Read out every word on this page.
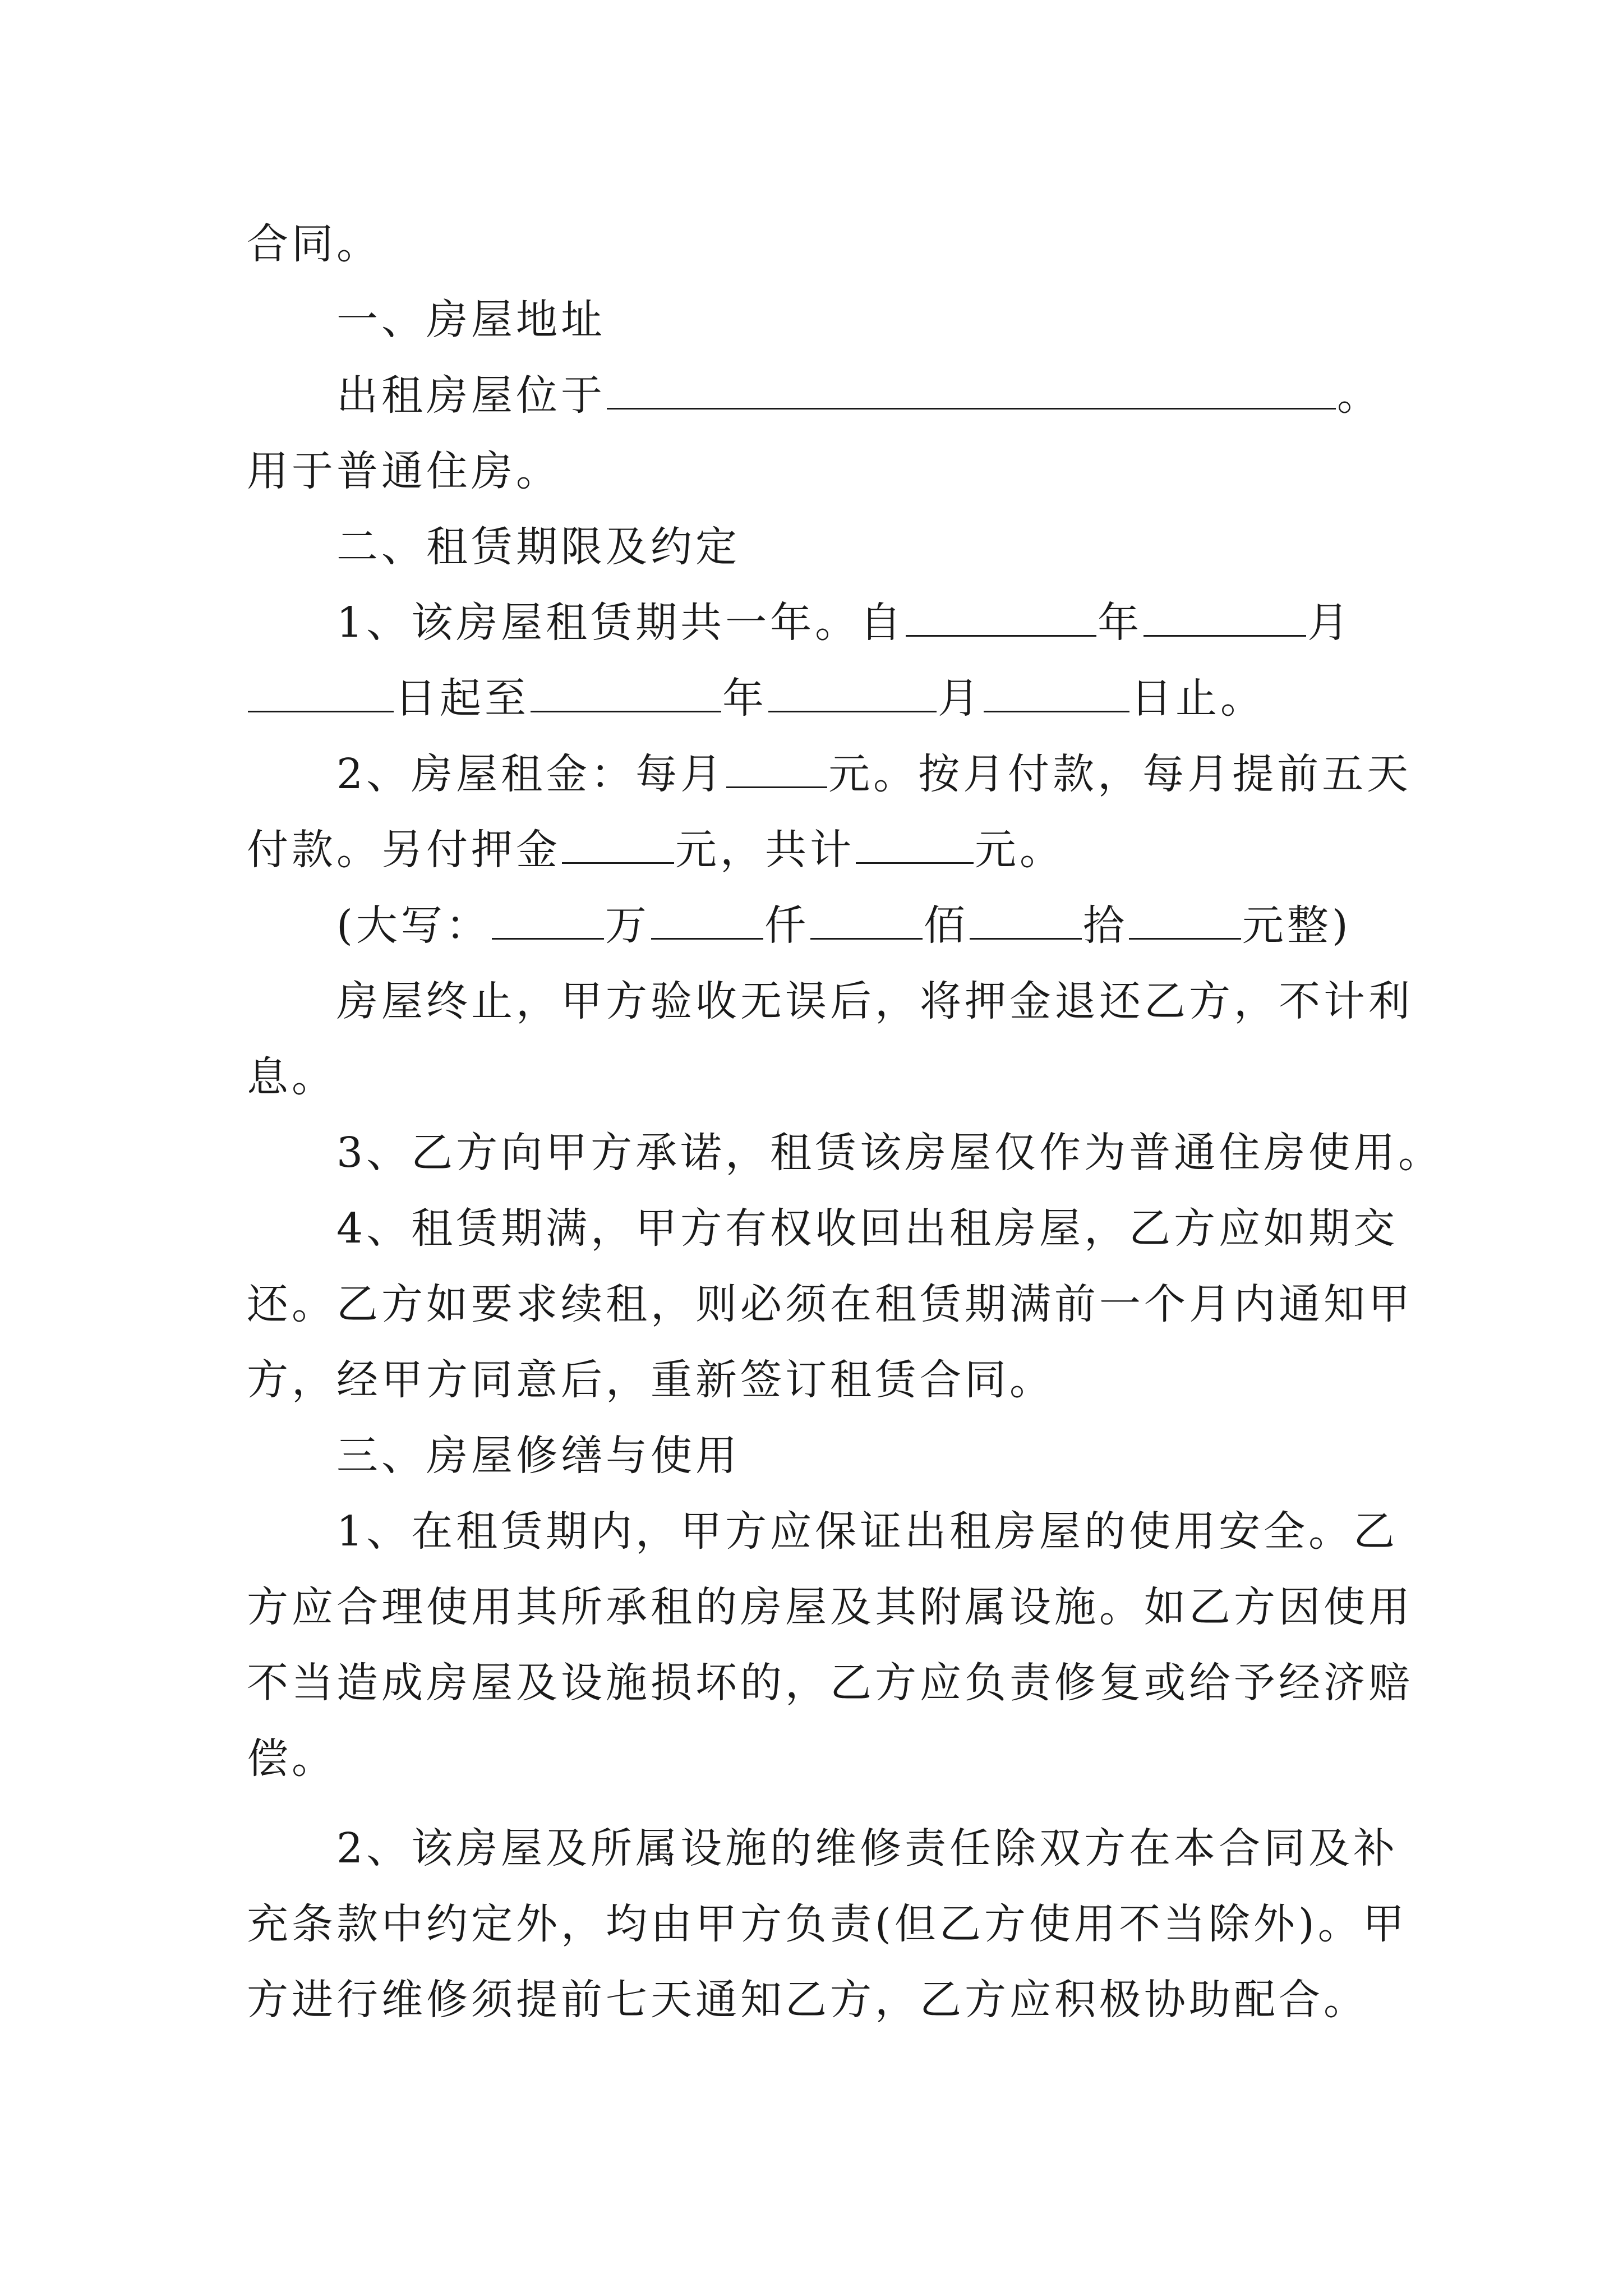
合同。
一、房屋地址
出租房屋位于	。
用于普通住房。
二、租赁期限及约定
1、该房屋租赁期共一年。自	年	月
日起至	年	月	日止。
2、房屋租金：每月 元。按月付款，每月提前五天
付款。另付押金	元，共计	元。
(大写：	万	仟	佰	拾	元整)
房屋终止，甲方验收无误后，将押金退还乙方，不计利
息。
3、乙方向甲方承诺，租赁该房屋仅作为普通住房使用。
4、租赁期满，甲方有权收回出租房屋，乙方应如期交
还。乙方如要求续租，则必须在租赁期满前一个月内通知甲
方，经甲方同意后，重新签订租赁合同。
三、房屋修缮与使用
1、在租赁期内，甲方应保证出租房屋的使用安全。乙
方应合理使用其所承租的房屋及其附属设施。如乙方因使用
不当造成房屋及设施损坏的，乙方应负责修复或给予经济赔
偿。
2、该房屋及所属设施的维修责任除双方在本合同及补
充条款中约定外，均由甲方负责(但乙方使用不当除外)。甲
方进行维修须提前七天通知乙方，乙方应积极协助配合。
